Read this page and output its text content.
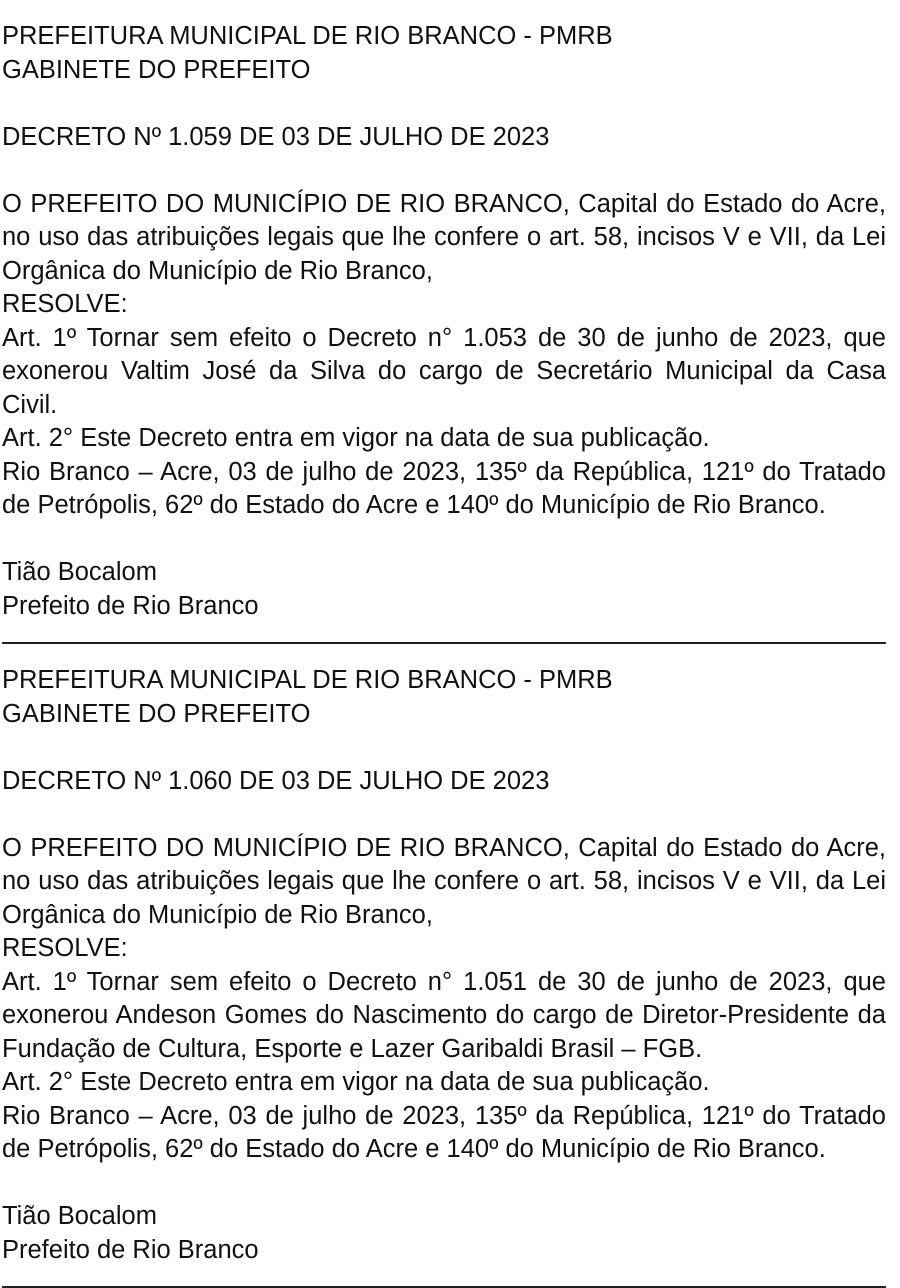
PREFEITURA MUNICIPAL DE RIO BRANCO - PMRB

GABINETE DO PREFEITO

DECRETO Nº 1.059 DE 03 DE JULHO DE 2023

O PREFEITO DO MUNICÍPIO DE RIO BRANCO, Capital do Estado do Acre, no uso das atribuições legais que lhe confere o art. 58, incisos V e VII, da Lei Orgânica do Município de Rio Branco,

RESOLVE:

Art. 1º Tornar sem efeito o Decreto n° 1.053 de 30 de junho de 2023, que exonerou Valtim José da Silva do cargo de Secretário Municipal da Casa Civil.

Art. 2° Este Decreto entra em vigor na data de sua publicação.

Rio Branco – Acre, 03 de julho de 2023, 135º da República, 121º do Tratado de Petrópolis, 62º do Estado do Acre e 140º do Município de Rio Branco.

Tião Bocalom

Prefeito de Rio Branco

PREFEITURA MUNICIPAL DE RIO BRANCO - PMRB

GABINETE DO PREFEITO

DECRETO Nº 1.060 DE 03 DE JULHO DE 2023

O PREFEITO DO MUNICÍPIO DE RIO BRANCO, Capital do Estado do Acre, no uso das atribuições legais que lhe confere o art. 58, incisos V e VII, da Lei Orgânica do Município de Rio Branco,

RESOLVE:

Art. 1º Tornar sem efeito o Decreto n° 1.051 de 30 de junho de 2023, que exonerou Andeson Gomes do Nascimento do cargo de Diretor-Presidente da Fundação de Cultura, Esporte e Lazer Garibaldi Brasil – FGB.

Art. 2° Este Decreto entra em vigor na data de sua publicação.

Rio Branco – Acre, 03 de julho de 2023, 135º da República, 121º do Tratado de Petrópolis, 62º do Estado do Acre e 140º do Município de Rio Branco.

Tião Bocalom

Prefeito de Rio Branco
